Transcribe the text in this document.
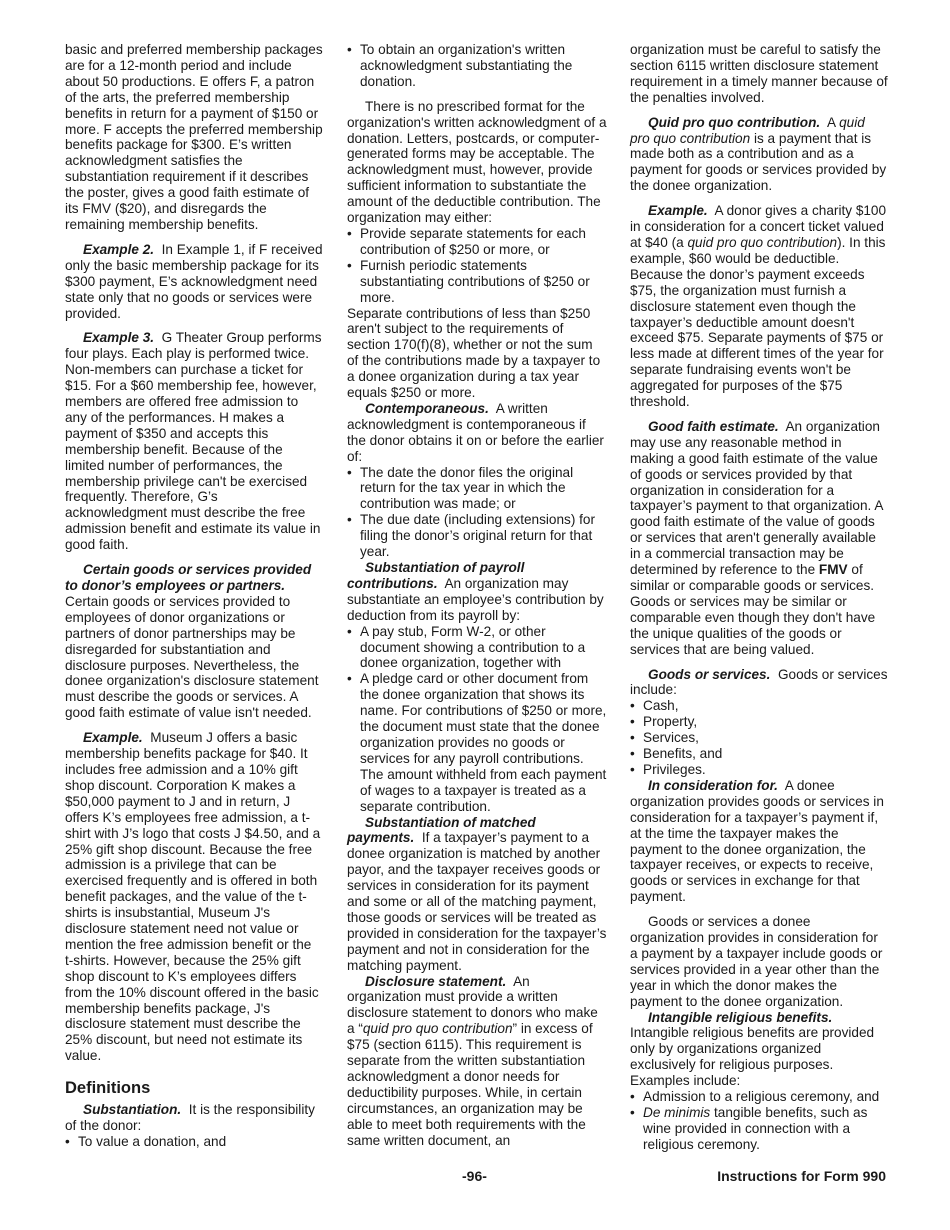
basic and preferred membership packages are for a 12-month period and include about 50 productions. E offers F, a patron of the arts, the preferred membership benefits in return for a payment of $150 or more. F accepts the preferred membership benefits package for $300. E’s written acknowledgment satisfies the substantiation requirement if it describes the poster, gives a good faith estimate of its FMV ($20), and disregards the remaining membership benefits.

Example 2. In Example 1, if F received only the basic membership package for its $300 payment, E’s acknowledgment need state only that no goods or services were provided.

Example 3. G Theater Group performs four plays. Each play is performed twice. Non-members can purchase a ticket for $15. For a $60 membership fee, however, members are offered free admission to any of the performances. H makes a payment of $350 and accepts this membership benefit. Because of the limited number of performances, the membership privilege can't be exercised frequently. Therefore, G’s acknowledgment must describe the free admission benefit and estimate its value in good faith.

Certain goods or services provided to donor’s employees or partners. Certain goods or services provided to employees of donor organizations or partners of donor partnerships may be disregarded for substantiation and disclosure purposes. Nevertheless, the donee organization's disclosure statement must describe the goods or services. A good faith estimate of value isn't needed.

Example. Museum J offers a basic membership benefits package for $40. It includes free admission and a 10% gift shop discount. Corporation K makes a $50,000 payment to J and in return, J offers K’s employees free admission, a t-shirt with J’s logo that costs J $4.50, and a 25% gift shop discount. Because the free admission is a privilege that can be exercised frequently and is offered in both benefit packages, and the value of the t-shirts is insubstantial, Museum J's disclosure statement need not value or mention the free admission benefit or the t-shirts. However, because the 25% gift shop discount to K’s employees differs from the 10% discount offered in the basic membership benefits package, J's disclosure statement must describe the 25% discount, but need not estimate its value.

Definitions

Substantiation. It is the responsibility of the donor:

• To value a donation, and

• To obtain an organization's written acknowledgment substantiating the donation.

There is no prescribed format for the organization's written acknowledgment of a donation. Letters, postcards, or computer-generated forms may be acceptable. The acknowledgment must, however, provide sufficient information to substantiate the amount of the deductible contribution. The organization may either:

• Provide separate statements for each contribution of $250 or more, or

• Furnish periodic statements substantiating contributions of $250 or more.

Separate contributions of less than $250 aren't subject to the requirements of section 170(f)(8), whether or not the sum of the contributions made by a taxpayer to a donee organization during a tax year equals $250 or more.

Contemporaneous. A written acknowledgment is contemporaneous if the donor obtains it on or before the earlier of:

• The date the donor files the original return for the tax year in which the contribution was made; or

• The due date (including extensions) for filing the donor’s original return for that year.

Substantiation of payroll contributions. An organization may substantiate an employee’s contribution by deduction from its payroll by:

• A pay stub, Form W-2, or other document showing a contribution to a donee organization, together with

• A pledge card or other document from the donee organization that shows its name. For contributions of $250 or more, the document must state that the donee organization provides no goods or services for any payroll contributions. The amount withheld from each payment of wages to a taxpayer is treated as a separate contribution.

Substantiation of matched payments. If a taxpayer’s payment to a donee organization is matched by another payor, and the taxpayer receives goods or services in consideration for its payment and some or all of the matching payment, those goods or services will be treated as provided in consideration for the taxpayer’s payment and not in consideration for the matching payment.

Disclosure statement. An organization must provide a written disclosure statement to donors who make a “quid pro quo contribution” in excess of $75 (section 6115). This requirement is separate from the written substantiation acknowledgment a donor needs for deductibility purposes. While, in certain circumstances, an organization may be able to meet both requirements with the same written document, an

organization must be careful to satisfy the section 6115 written disclosure statement requirement in a timely manner because of the penalties involved.

Quid pro quo contribution. A quid pro quo contribution is a payment that is made both as a contribution and as a payment for goods or services provided by the donee organization.

Example. A donor gives a charity $100 in consideration for a concert ticket valued at $40 (a quid pro quo contribution). In this example, $60 would be deductible. Because the donor’s payment exceeds $75, the organization must furnish a disclosure statement even though the taxpayer’s deductible amount doesn't exceed $75. Separate payments of $75 or less made at different times of the year for separate fundraising events won't be aggregated for purposes of the $75 threshold.

Good faith estimate. An organization may use any reasonable method in making a good faith estimate of the value of goods or services provided by that organization in consideration for a taxpayer’s payment to that organization. A good faith estimate of the value of goods or services that aren't generally available in a commercial transaction may be determined by reference to the FMV of similar or comparable goods or services. Goods or services may be similar or comparable even though they don't have the unique qualities of the goods or services that are being valued.

Goods or services. Goods or services include:

• Cash,

• Property,

• Services,

• Benefits, and

• Privileges.

In consideration for. A donee organization provides goods or services in consideration for a taxpayer’s payment if, at the time the taxpayer makes the payment to the donee organization, the taxpayer receives, or expects to receive, goods or services in exchange for that payment.

Goods or services a donee organization provides in consideration for a payment by a taxpayer include goods or services provided in a year other than the year in which the donor makes the payment to the donee organization.

Intangible religious benefits.

Intangible religious benefits are provided only by organizations organized exclusively for religious purposes. Examples include:

• Admission to a religious ceremony, and

• De minimis tangible benefits, such as wine provided in connection with a religious ceremony.

-96-	Instructions for Form 990
